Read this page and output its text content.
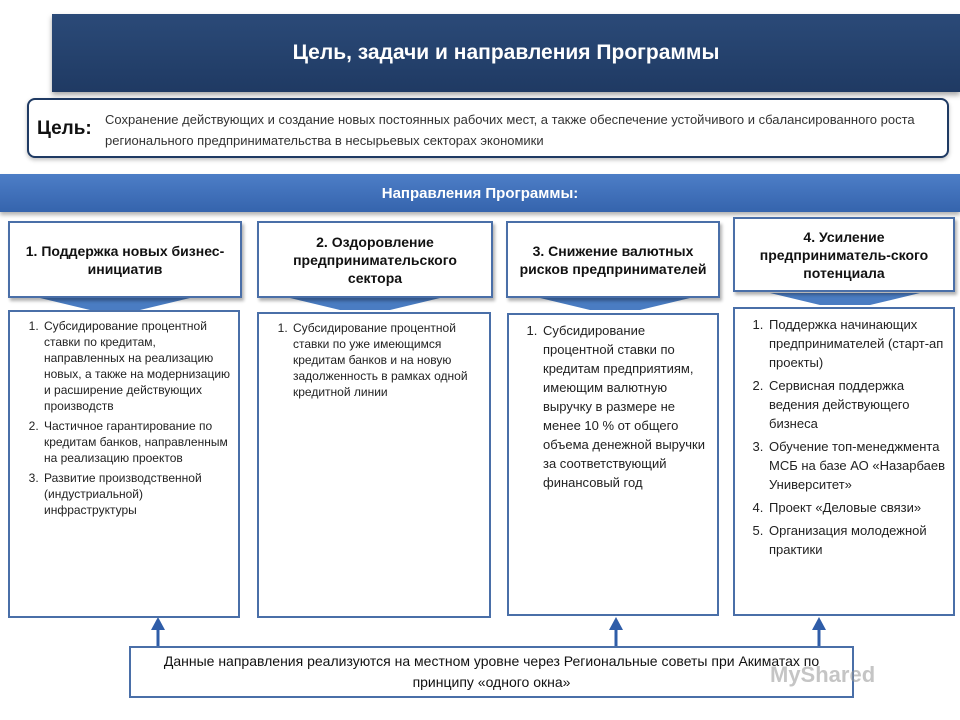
Цель, задачи и направления Программы
Цель: Сохранение действующих и создание новых постоянных рабочих мест, а также обеспечение устойчивого и сбалансированного роста регионального предпринимательства в несырьевых секторах экономики
Направления Программы:
1. Поддержка новых бизнес- инициатив
1. Субсидирование процентной ставки по кредитам, направленных на реализацию новых, а также на модернизацию и расширение действующих производств
2. Частичное гарантирование по кредитам банков, направленным на реализацию проектов
3. Развитие производственной (индустриальной) инфраструктуры
2. Оздоровление предпринимательского сектора
1. Субсидирование процентной ставки по уже имеющимся кредитам банков и на новую задолженность в рамках одной кредитной линии
3. Снижение валютных рисков предпринимателей
1. Субсидирование процентной ставки по кредитам предприятиям, имеющим валютную выручку в размере не менее 10 % от общего объема денежной выручки за соответствующий финансовый год
4. Усиление предприниматель-ского потенциала
1. Поддержка начинающих предпринимателей (старт-ап проекты)
2. Сервисная поддержка ведения действующего бизнеса
3. Обучение топ-менеджмента МСБ на базе АО «Назарбаев Университет»
4. Проект «Деловые связи»
5. Организация молодежной практики
Данные направления реализуются на местном уровне через Региональные советы при Акиматах по принципу «одного окна»	MyShared
